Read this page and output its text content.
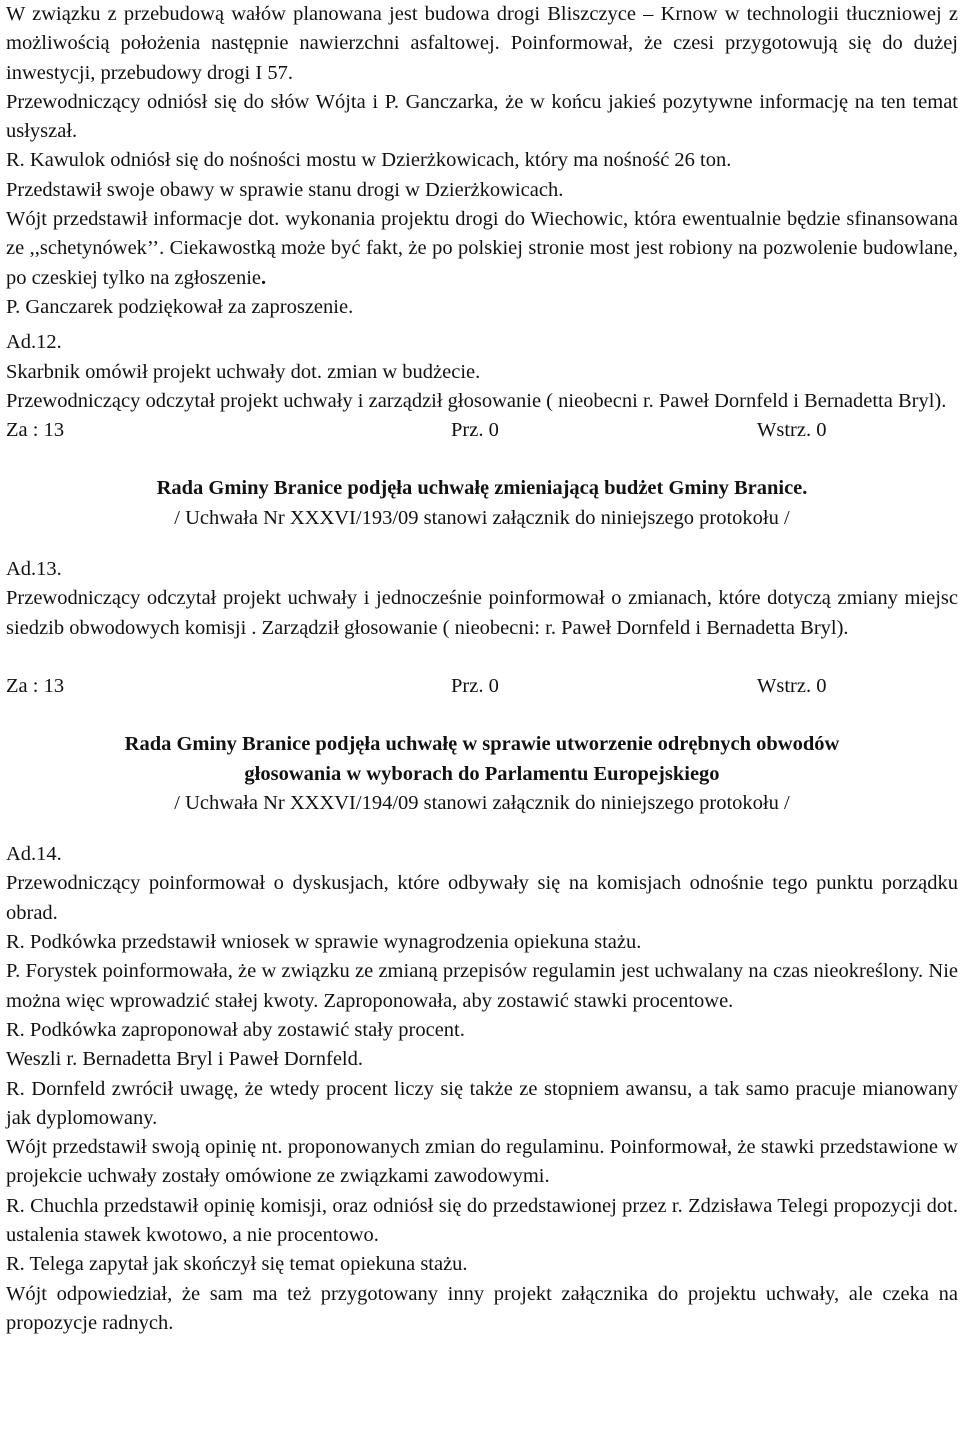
W związku z przebudową wałów planowana jest budowa drogi Bliszczyce – Krnow w technologii tłuczniowej z możliwością położenia następnie nawierzchni asfaltowej. Poinformował, że czesi przygotowują się do dużej inwestycji, przebudowy drogi I 57.

Przewodniczący odniósł się do słów Wójta i P. Ganczarka, że w końcu jakieś pozytywne informację na ten temat usłyszał.

R. Kawulok odniósł się do nośności mostu w Dzierżkowicach, który ma nośność 26 ton.

Przedstawił swoje obawy w sprawie stanu drogi w Dzierżkowicach.

Wójt przedstawił informacje dot. wykonania projektu drogi do Wiechowic, która ewentualnie będzie sfinansowana ze ,,schetynówek’’. Ciekawostką może być fakt, że po polskiej stronie most jest robiony na pozwolenie budowlane, po czeskiej tylko na zgłoszenie.

P. Ganczarek podziękował za zaproszenie.

Ad.12.

Skarbnik omówił projekt uchwały dot. zmian w budżecie.

Przewodniczący odczytał projekt uchwały i zarządził głosowanie ( nieobecni r. Paweł Dornfeld i Bernadetta Bryl).

Za : 13	Prz. 0	Wstrz. 0

Rada Gminy Branice podjęła uchwałę zmieniającą budżet Gminy Branice.

/ Uchwała Nr XXXVI/193/09 stanowi załącznik do niniejszego protokołu /

Ad.13.

Przewodniczący odczytał projekt uchwały i jednocześnie poinformował o zmianach, które dotyczą zmiany miejsc siedzib obwodowych komisji . Zarządził głosowanie ( nieobecni: r. Paweł Dornfeld i Bernadetta Bryl).

Za : 13	Prz. 0	Wstrz. 0

Rada Gminy Branice podjęła uchwałę w sprawie utworzenie odrębnych obwodów

głosowania w wyborach do Parlamentu Europejskiego

/ Uchwała Nr XXXVI/194/09 stanowi załącznik do niniejszego protokołu /

Ad.14.

Przewodniczący poinformował o dyskusjach, które odbywały się na komisjach odnośnie tego punktu porządku obrad.

R. Podkówka przedstawił wniosek w sprawie wynagrodzenia opiekuna stażu.

P. Forystek poinformowała, że w związku ze zmianą przepisów regulamin jest uchwalany na czas nieokreślony. Nie można więc wprowadzić stałej kwoty. Zaproponowała, aby zostawić stawki procentowe.

R. Podkówka zaproponował aby zostawić stały procent.

Weszli r. Bernadetta Bryl i Paweł Dornfeld.

R. Dornfeld zwrócił uwagę, że wtedy procent liczy się także ze stopniem awansu, a tak samo pracuje mianowany jak dyplomowany.

Wójt przedstawił swoją opinię nt. proponowanych zmian do regulaminu. Poinformował, że stawki przedstawione w projekcie uchwały zostały omówione ze związkami zawodowymi.

R. Chuchla przedstawił opinię komisji, oraz odniósł się do przedstawionej przez r. Zdzisława Telegi propozycji dot. ustalenia stawek kwotowo, a nie procentowo.

R. Telega zapytał jak skończył się temat opiekuna stażu.

Wójt odpowiedział, że sam ma też przygotowany inny projekt załącznika do projektu uchwały, ale czeka na propozycje radnych.
